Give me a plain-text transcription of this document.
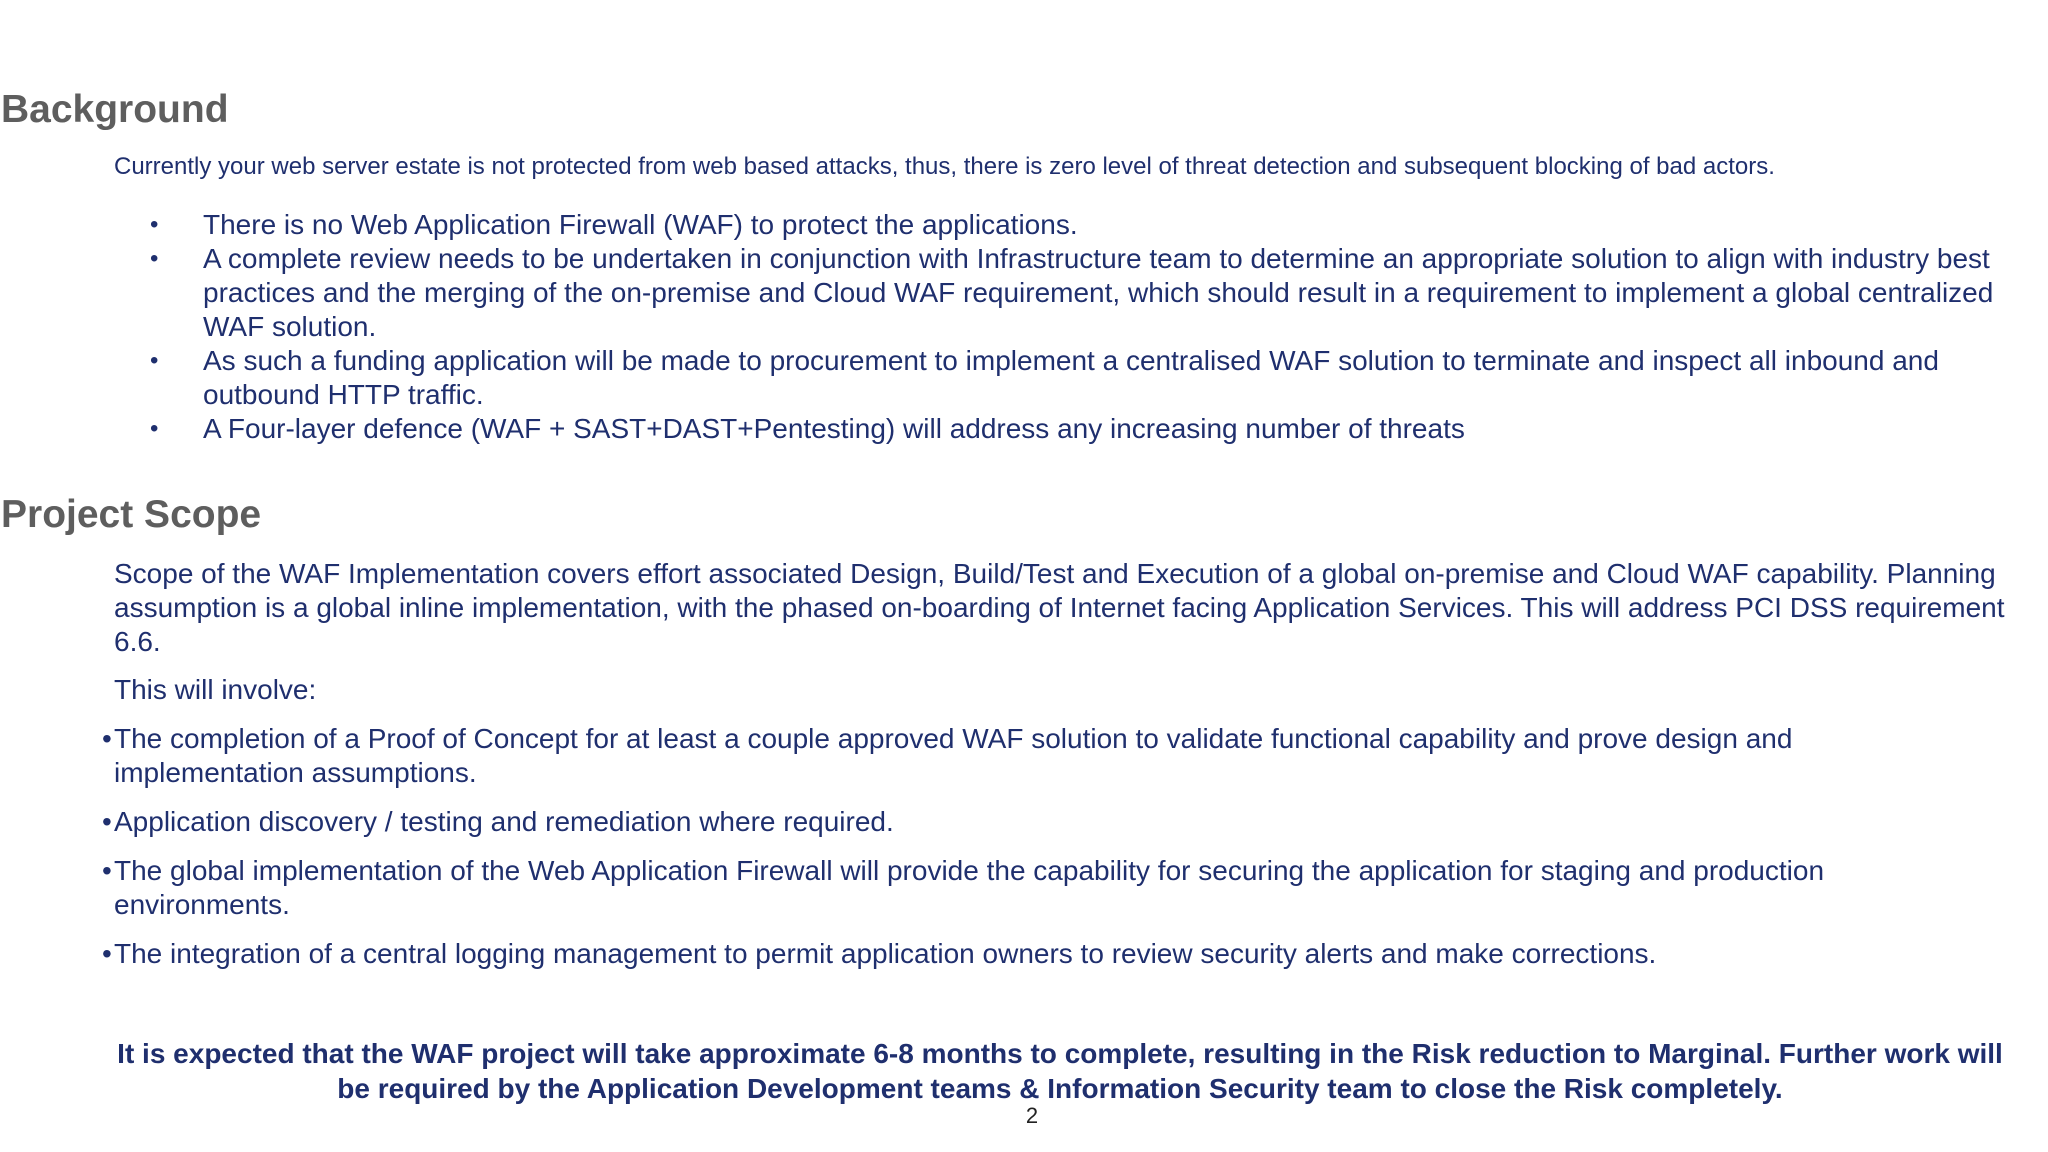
Background

Currently your web server estate is not protected from web based attacks, thus, there is zero level of threat detection and subsequent blocking of bad actors.

• There is no Web Application Firewall (WAF) to protect the applications.
• A complete review needs to be undertaken in conjunction with Infrastructure team to determine an appropriate solution to align with industry best practices and the merging of the on-premise and Cloud WAF requirement, which should result in a requirement to implement a global centralized WAF solution.
• As such a funding application will be made to procurement to implement a centralised WAF solution to terminate and inspect all inbound and outbound HTTP traffic.
• A Four-layer defence (WAF + SAST+DAST+Pentesting) will address any increasing number of threats
Project Scope

Scope of the WAF Implementation covers effort associated Design, Build/Test and Execution of a global on-premise and Cloud WAF capability. Planning assumption is a global inline implementation, with the phased on-boarding of Internet facing Application Services. This will address PCI DSS requirement 6.6.

This will involve:

• The completion of a Proof of Concept for at least a couple approved WAF solution to validate functional capability and prove design and implementation assumptions.
• Application discovery / testing and remediation where required.
• The global implementation of the Web Application Firewall will provide the capability for securing the application for staging and production environments.
• The integration of a central logging management to permit application owners to review security alerts and make corrections.

It is expected that the WAF project will take approximate 6-8 months to complete, resulting in the Risk reduction to Marginal. Further work will be required by the Application Development teams & Information Security team to close the Risk completely.

2
